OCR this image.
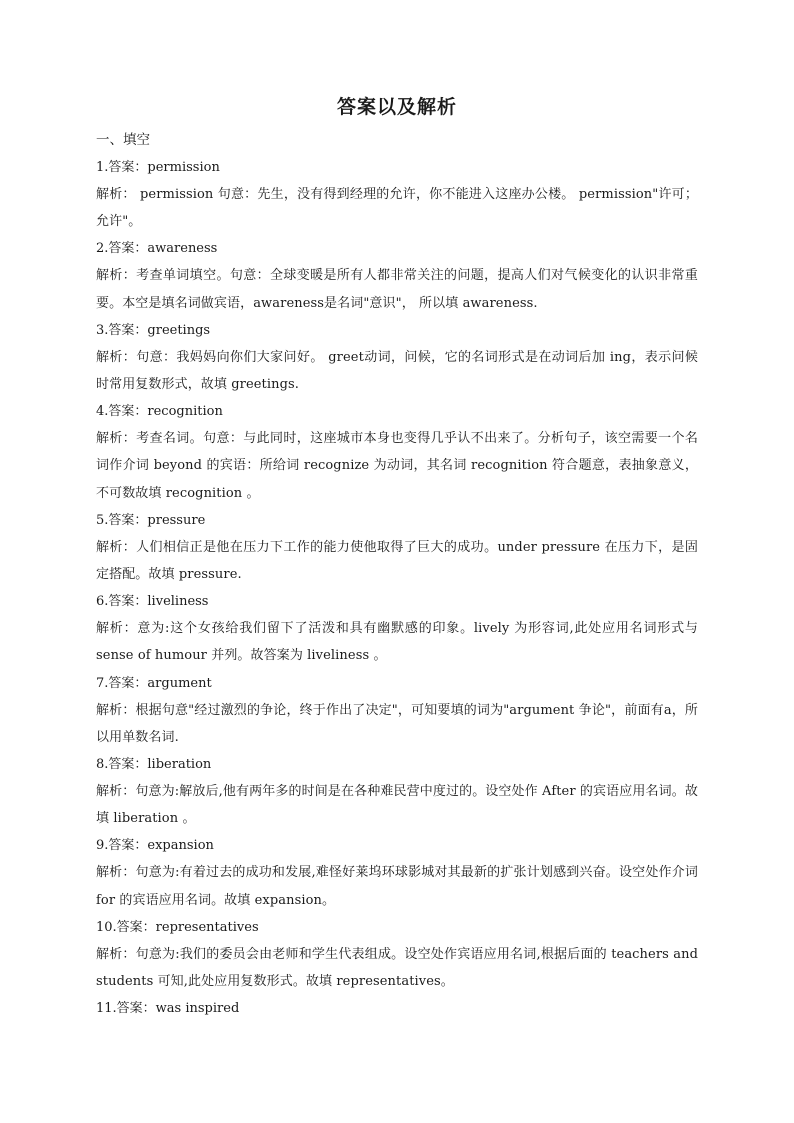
答案以及解析

一、填空

1.答案：permission

解析： permission 句意：先生，没有得到经理的允许，你不能进入这座办公楼。 permission"许可；允许"。

2.答案：awareness

解析：考查单词填空。句意：全球变暖是所有人都非常关注的问题，提高人们对气候变化的认识非常重要。本空是填名词做宾语，awareness是名词"意识"， 所以填 awareness.

3.答案：greetings

解析：句意：我妈妈向你们大家问好。 greet动词，问候，它的名词形式是在动词后加 ing，表示问候时常用复数形式，故填 greetings.

4.答案：recognition

解析：考查名词。句意：与此同时，这座城市本身也变得几乎认不出来了。分析句子，该空需要一个名词作介词 beyond 的宾语：所给词 recognize 为动词，其名词 recognition 符合题意，表抽象意义，不可数故填 recognition 。

5.答案：pressure

解析：人们相信正是他在压力下工作的能力使他取得了巨大的成功。under pressure 在压力下，是固定搭配。故填 pressure.

6.答案：liveliness

解析：意为:这个女孩给我们留下了活泼和具有幽默感的印象。lively 为形容词,此处应用名词形式与 sense of humour 并列。故答案为 liveliness 。

7.答案：argument

解析：根据句意"经过激烈的争论，终于作出了决定"，可知要填的词为"argument 争论"，前面有a，所以用单数名词.

8.答案：liberation

解析：句意为:解放后,他有两年多的时间是在各种难民营中度过的。设空处作 After 的宾语应用名词。故填 liberation 。

9.答案：expansion

解析：句意为:有着过去的成功和发展,难怪好莱坞环球影城对其最新的扩张计划感到兴奋。设空处作介词 for 的宾语应用名词。故填 expansion。

10.答案：representatives

解析：句意为:我们的委员会由老师和学生代表组成。设空处作宾语应用名词,根据后面的 teachers and students 可知,此处应用复数形式。故填 representatives。

11.答案：was inspired
